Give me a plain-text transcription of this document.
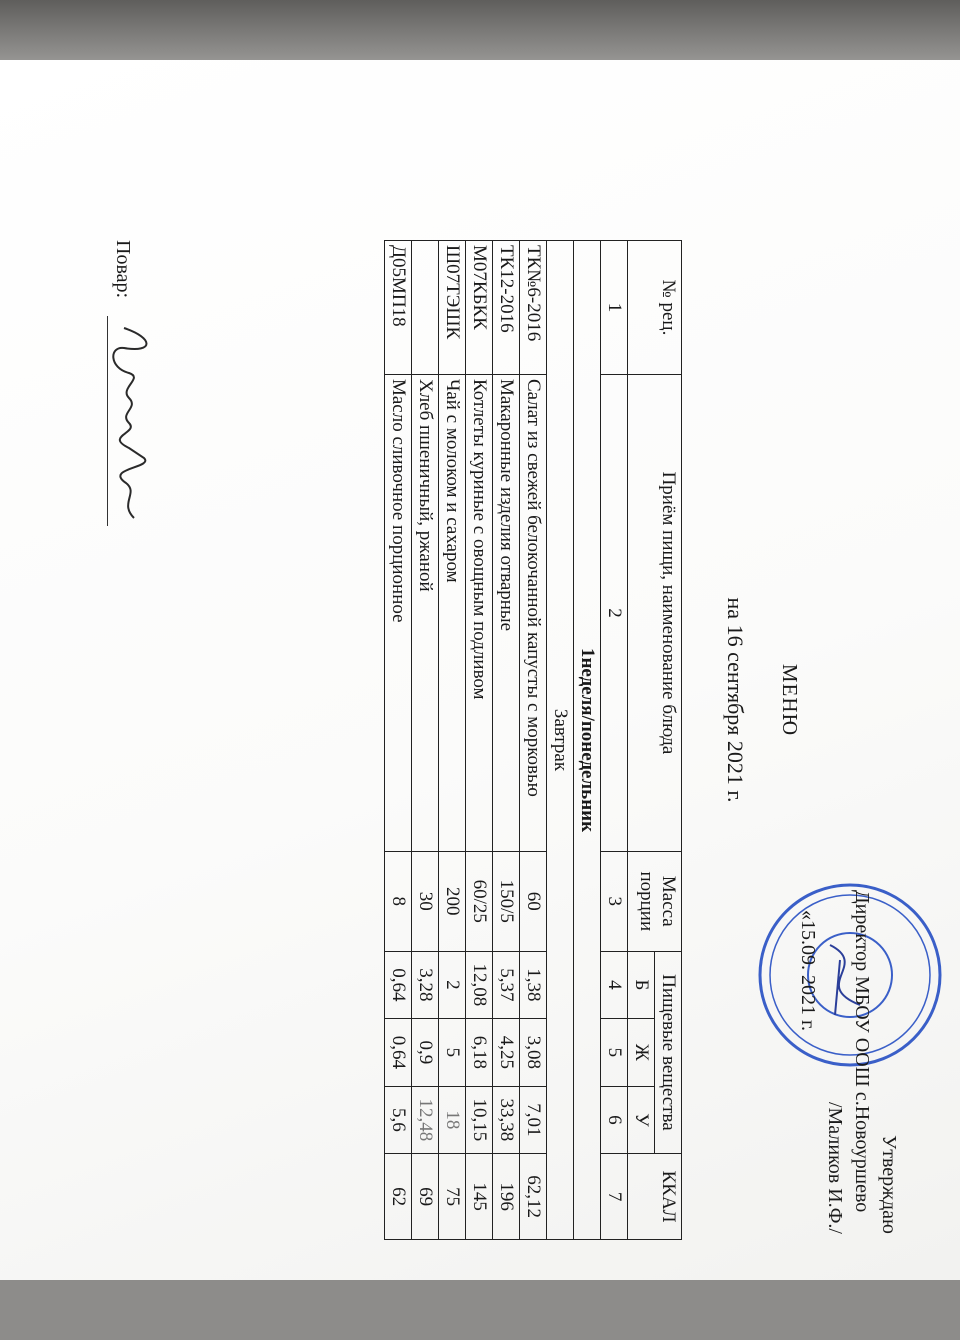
Утверждаю
Директор МБОУ ООШ с.Новоуршево
/Маликов И.Ф./
«15.09. 2021 г.
МЕНЮ
на 16 сентября 2021 г.
№ рец.	Приём пищи, наименование блюда	Масса порции	Пищевые вещества			ККАЛ
			Б	Ж	У	
1	2	3	4	5	6	7
1неделя/понедельник						
Завтрак						
ТК№6-2016	Салат из свежей белокочанной капусты с морковью	60	1,38	3,08	7,01	62,12
ТК12-2016	Макаронные изделия отварные	150/5	5,37	4,25	33,38	196
М07КБКК	Котлеты куриные с овощным подливом	60/25	12,08	6,18	10,15	145
Ш07ТЭШК	Чай с молоком и сахаром	200	2	5	18	75
	Хлеб пшеничный, ржаной	30	3,28	0,9	12,48	69
Д05МП18	Масло сливочное порционное	8	0,64	0,64	5,6	62
Повар:
